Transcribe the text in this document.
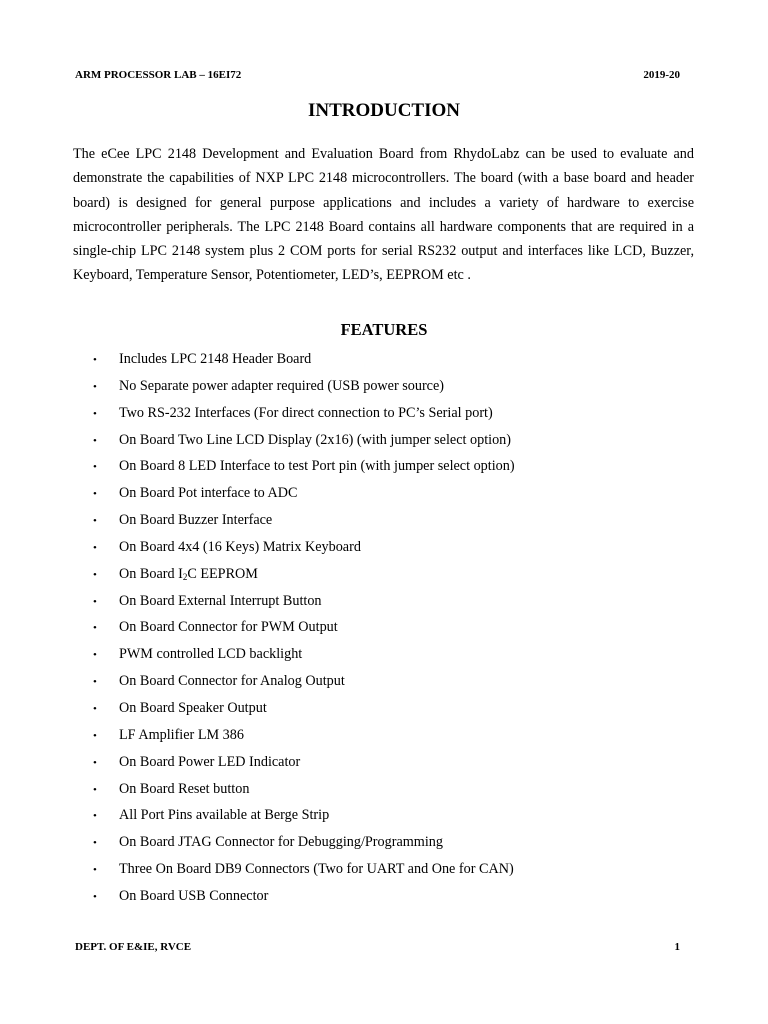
ARM PROCESSOR LAB – 16EI72	2019-20
INTRODUCTION

The eCee LPC 2148 Development and Evaluation Board from RhydoLabz can be used to evaluate and demonstrate the capabilities of NXP LPC 2148 microcontrollers. The board (with a base board and header board) is designed for general purpose applications and includes a variety of hardware to exercise microcontroller peripherals. The LPC 2148 Board contains all hardware components that are required in a single-chip LPC 2148 system plus 2 COM ports for serial RS232 output and interfaces like LCD, Buzzer, Keyboard, Temperature Sensor, Potentiometer, LED’s, EEPROM etc .

FEATURES
• Includes LPC 2148 Header Board
• No Separate power adapter required (USB power source)
• Two RS-232 Interfaces (For direct connection to PC’s Serial port)
• On Board Two Line LCD Display (2x16) (with jumper select option)
• On Board 8 LED Interface to test Port pin (with jumper select option)
• On Board Pot interface to ADC
• On Board Buzzer Interface
• On Board 4x4 (16 Keys) Matrix Keyboard
• On Board $I_2C$ EEPROM
• On Board External Interrupt Button
• On Board Connector for PWM Output
• PWM controlled LCD backlight
• On Board Connector for Analog Output
• On Board Speaker Output
• LF Amplifier LM 386
• On Board Power LED Indicator
• On Board Reset button
• All Port Pins available at Berge Strip
• On Board JTAG Connector for Debugging/Programming
• Three On Board DB9 Connectors (Two for UART and One for CAN)
• On Board USB Connector
DEPT. OF E&IE, RVCE	1
